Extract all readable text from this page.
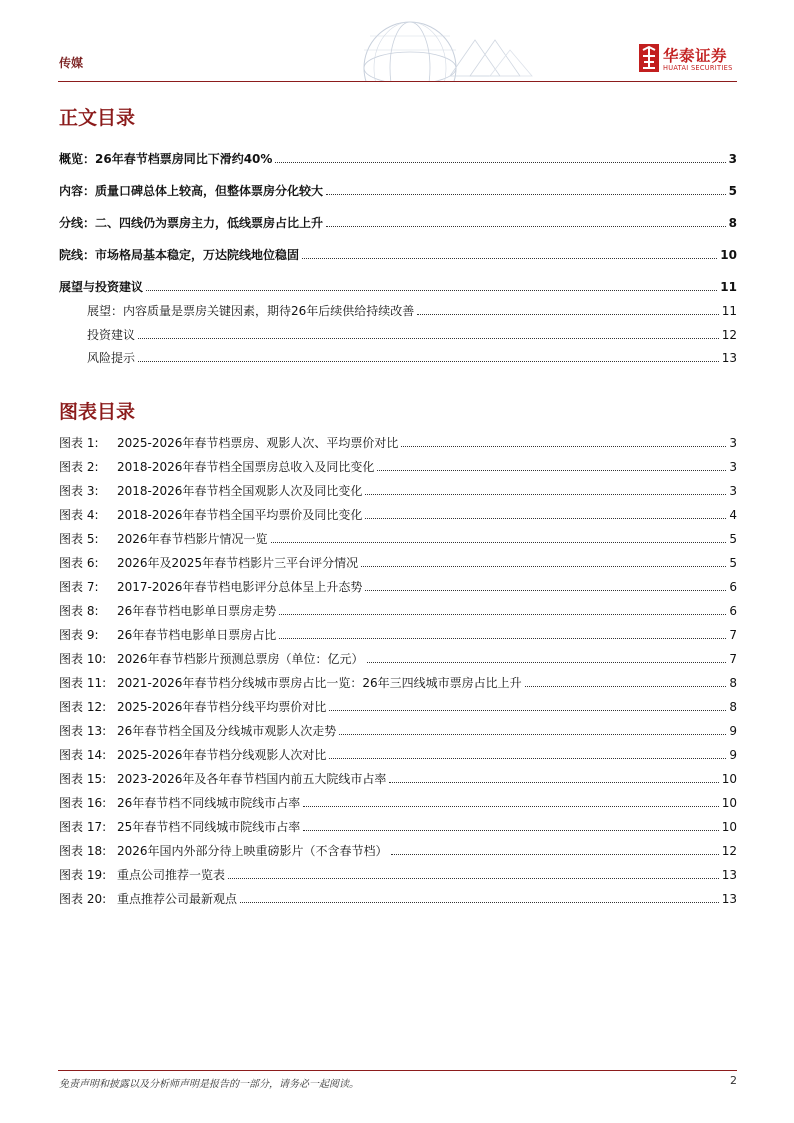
传媒	华泰证券
HUATAI SECURITIES
正文目录
概览：26年春节档票房同比下滑约40%	3
内容：质量口碑总体上较高，但整体票房分化较大	5
分线：二、四线仍为票房主力，低线票房占比上升	8
院线：市场格局基本稳定，万达院线地位稳固	10
展望与投资建议	11
展望：内容质量是票房关键因素，期待26年后续供给持续改善	11
投资建议	12
风险提示	13
图表目录
图表 1: 2025-2026年春节档票房、观影人次、平均票价对比	3
图表 2: 2018-2026年春节档全国票房总收入及同比变化	3
图表 3: 2018-2026年春节档全国观影人次及同比变化	3
图表 4: 2018-2026年春节档全国平均票价及同比变化	4
图表 5: 2026年春节档影片情况一览	5
图表 6: 2026年及2025年春节档影片三平台评分情况	5
图表 7: 2017-2026年春节档电影评分总体呈上升态势	6
图表 8: 26年春节档电影单日票房走势	6
图表 9: 26年春节档电影单日票房占比	7
图表 10: 2026年春节档影片预测总票房（单位：亿元）	7
图表 11: 2021-2026年春节档分线城市票房占比一览：26年三四线城市票房占比上升	8
图表 12: 2025-2026年春节档分线平均票价对比	8
图表 13: 26年春节档全国及分线城市观影人次走势	9
图表 14: 2025-2026年春节档分线观影人次对比	9
图表 15: 2023-2026年及各年春节档国内前五大院线市占率	10
图表 16: 26年春节档不同线城市院线市占率	10
图表 17: 25年春节档不同线城市院线市占率	10
图表 18: 2026年国内外部分待上映重磅影片（不含春节档）	12
图表 19: 重点公司推荐一览表	13
图表 20: 重点推荐公司最新观点	13
免责声明和披露以及分析师声明是报告的一部分，请务必一起阅读。	2
